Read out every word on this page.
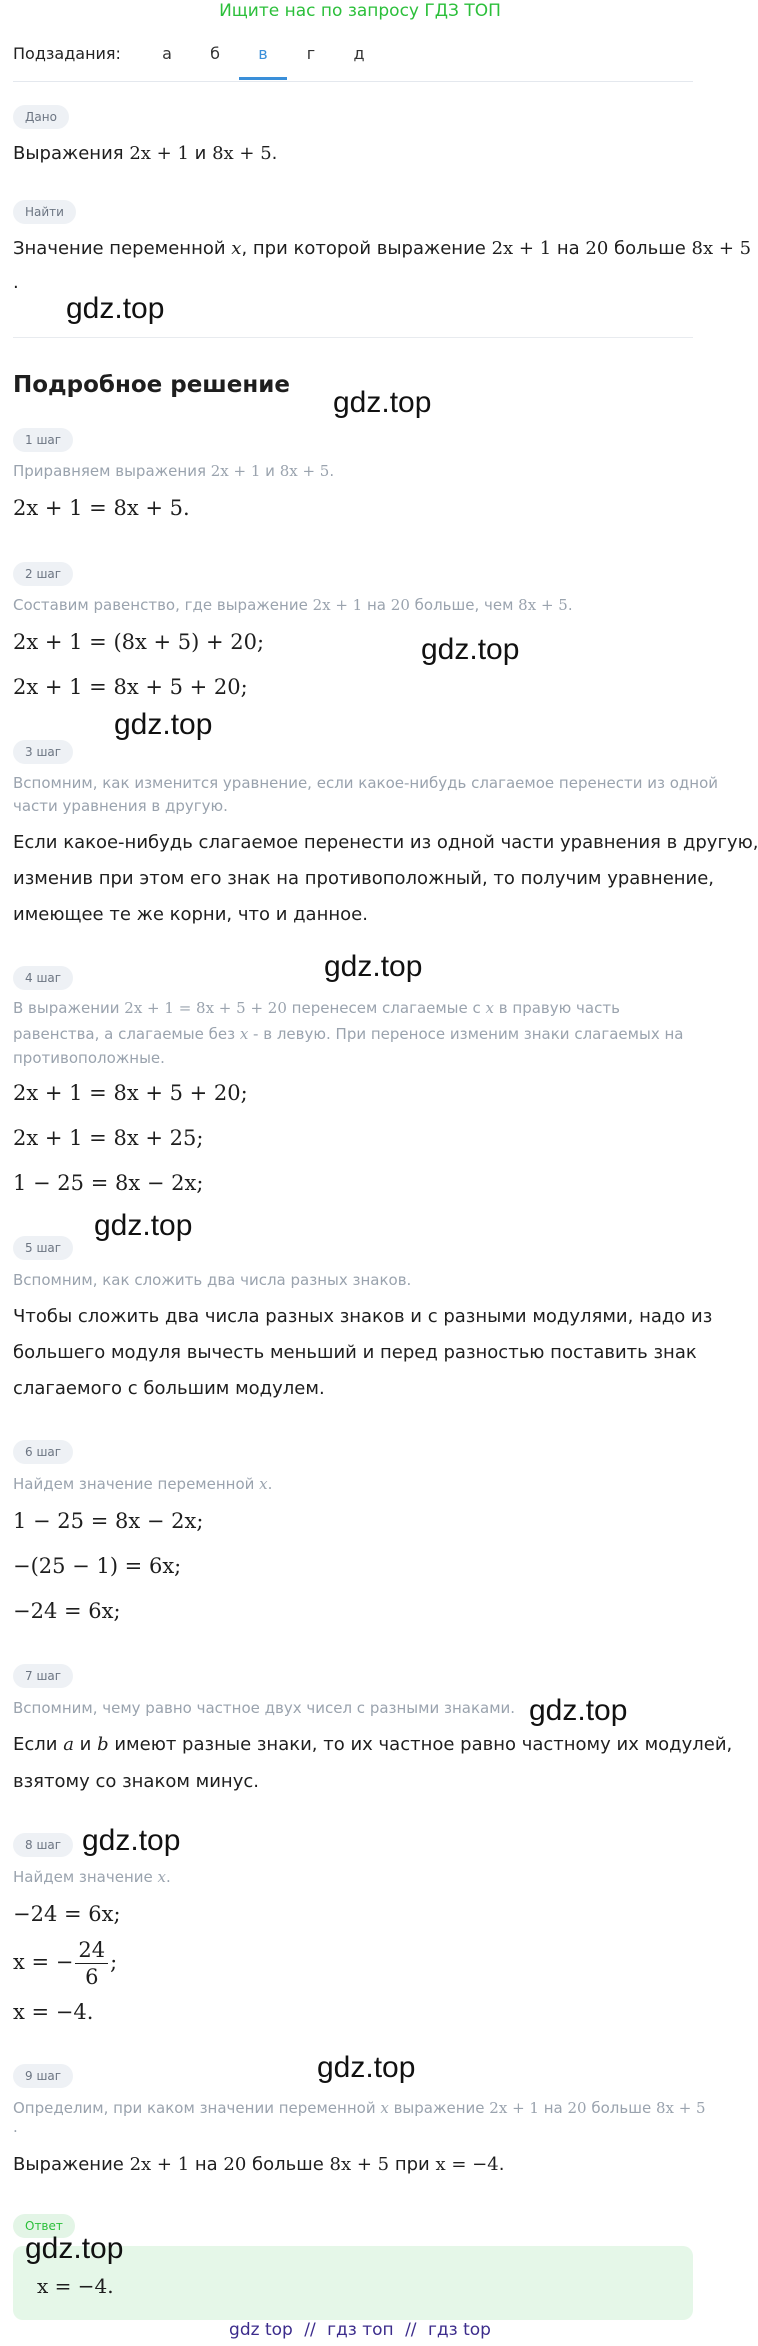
Ищите нас по запросу ГДЗ ТОП
Подзадания:	а	б	в	г	д
Дано
Выражения 2x + 1 и 8x + 5.
Найти
Значение переменной x, при которой выражение 2x + 1 на 20 больше 8x + 5
.
Подробное решение
1 шаг
Приравняем выражения 2x + 1 и 8x + 5.
2x + 1 = 8x + 5.
2 шаг
Составим равенство, где выражение 2x + 1 на 20 больше, чем 8x + 5.
2x + 1 = (8x + 5) + 20;
2x + 1 = 8x + 5 + 20;
3 шаг
Вспомним, как изменится уравнение, если какое-нибудь слагаемое перенести из одной
части уравнения в другую.
Если какое-нибудь слагаемое перенести из одной части уравнения в другую,
изменив при этом его знак на противоположный, то получим уравнение,
имеющее те же корни, что и данное.
4 шаг
В выражении 2x + 1 = 8x + 5 + 20 перенесем слагаемые с x в правую часть
равенства, а слагаемые без x - в левую. При переносе изменим знаки слагаемых на
противоположные.
2x + 1 = 8x + 5 + 20;
2x + 1 = 8x + 25;
1 − 25 = 8x − 2x;
5 шаг
Вспомним, как сложить два числа разных знаков.
Чтобы сложить два числа разных знаков и с разными модулями, надо из
большего модуля вычесть меньший и перед разностью поставить знак
слагаемого с большим модулем.
6 шаг
Найдем значение переменной x.
1 − 25 = 8x − 2x;
−(25 − 1) = 6x;
−24 = 6x;
7 шаг
Вспомним, чему равно частное двух чисел с разными знаками.
Если a и b имеют разные знаки, то их частное равно частному их модулей,
взятому со знаком минус.
8 шаг
Найдем значение x.
−24 = 6x;
x = − $\frac{24}{6}$ ;
x = −4.
9 шаг
Определим, при каком значении переменной x выражение 2x + 1 на 20 больше 8x + 5
.
Выражение 2x + 1 на 20 больше 8x + 5 при x = −4.
Ответ
x = −4.
gdz.top
gdz.top
gdz.top
gdz.top
gdz.top
gdz.top
gdz.top
gdz.top
gdz.top
gdz.top
gdz top // гдз топ // гдз top
